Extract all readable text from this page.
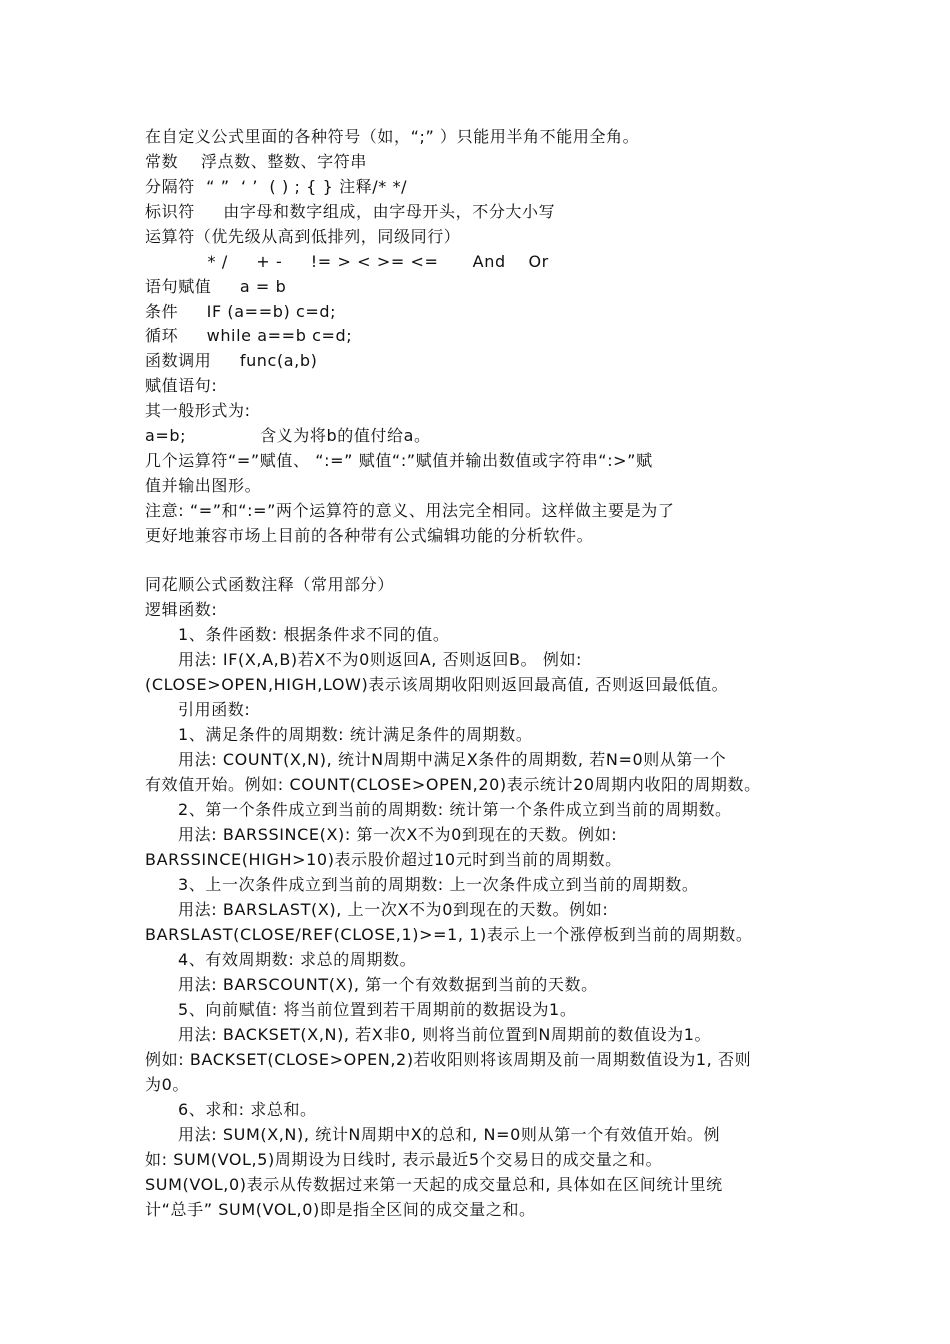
在自定义公式里面的各种符号（如，“;” ）只能用半角不能用全角。
常数    浮点数、整数、字符串
分隔符  “ ”  ‘ ’  ( ) ; { } 注释/* */
标识符     由字母和数字组成，由字母开头，不分大小写
运算符（优先级从高到低排列，同级同行）
* /     + -     != > < >= <=      And    Or
语句赋值     a = b
条件     IF (a==b) c=d;
循环     while a==b c=d;
函数调用     func(a,b)
赋值语句:
其一般形式为:
a=b;             含义为将b的值付给a。
几个运算符“=”赋值、 “:=” 赋值“:”赋值并输出数值或字符串“:>”赋
值并输出图形。
注意: “=”和“:=”两个运算符的意义、用法完全相同。这样做主要是为了
更好地兼容市场上目前的各种带有公式编辑功能的分析软件。
同花顺公式函数注释（常用部分）
逻辑函数:
1、条件函数: 根据条件求不同的值。
用法: IF(X,A,B)若X不为0则返回A, 否则返回B。 例如:
(CLOSE>OPEN,HIGH,LOW)表示该周期收阳则返回最高值, 否则返回最低值。
引用函数:
1、满足条件的周期数: 统计满足条件的周期数。
用法: COUNT(X,N), 统计N周期中满足X条件的周期数, 若N=0则从第一个
有效值开始。例如: COUNT(CLOSE>OPEN,20)表示统计20周期内收阳的周期数。
2、第一个条件成立到当前的周期数: 统计第一个条件成立到当前的周期数。
用法: BARSSINCE(X): 第一次X不为0到现在的天数。例如:
BARSSINCE(HIGH>10)表示股价超过10元时到当前的周期数。
3、上一次条件成立到当前的周期数: 上一次条件成立到当前的周期数。
用法: BARSLAST(X), 上一次X不为0到现在的天数。例如:
BARSLAST(CLOSE/REF(CLOSE,1)>=1, 1)表示上一个涨停板到当前的周期数。
4、有效周期数: 求总的周期数。
用法: BARSCOUNT(X), 第一个有效数据到当前的天数。
5、向前赋值: 将当前位置到若干周期前的数据设为1。
用法: BACKSET(X,N), 若X非0, 则将当前位置到N周期前的数值设为1。
例如: BACKSET(CLOSE>OPEN,2)若收阳则将该周期及前一周期数值设为1, 否则
为0。
6、求和: 求总和。
用法: SUM(X,N), 统计N周期中X的总和, N=0则从第一个有效值开始。例
如: SUM(VOL,5)周期设为日线时, 表示最近5个交易日的成交量之和。
SUM(VOL,0)表示从传数据过来第一天起的成交量总和, 具体如在区间统计里统
计“总手” SUM(VOL,0)即是指全区间的成交量之和。
